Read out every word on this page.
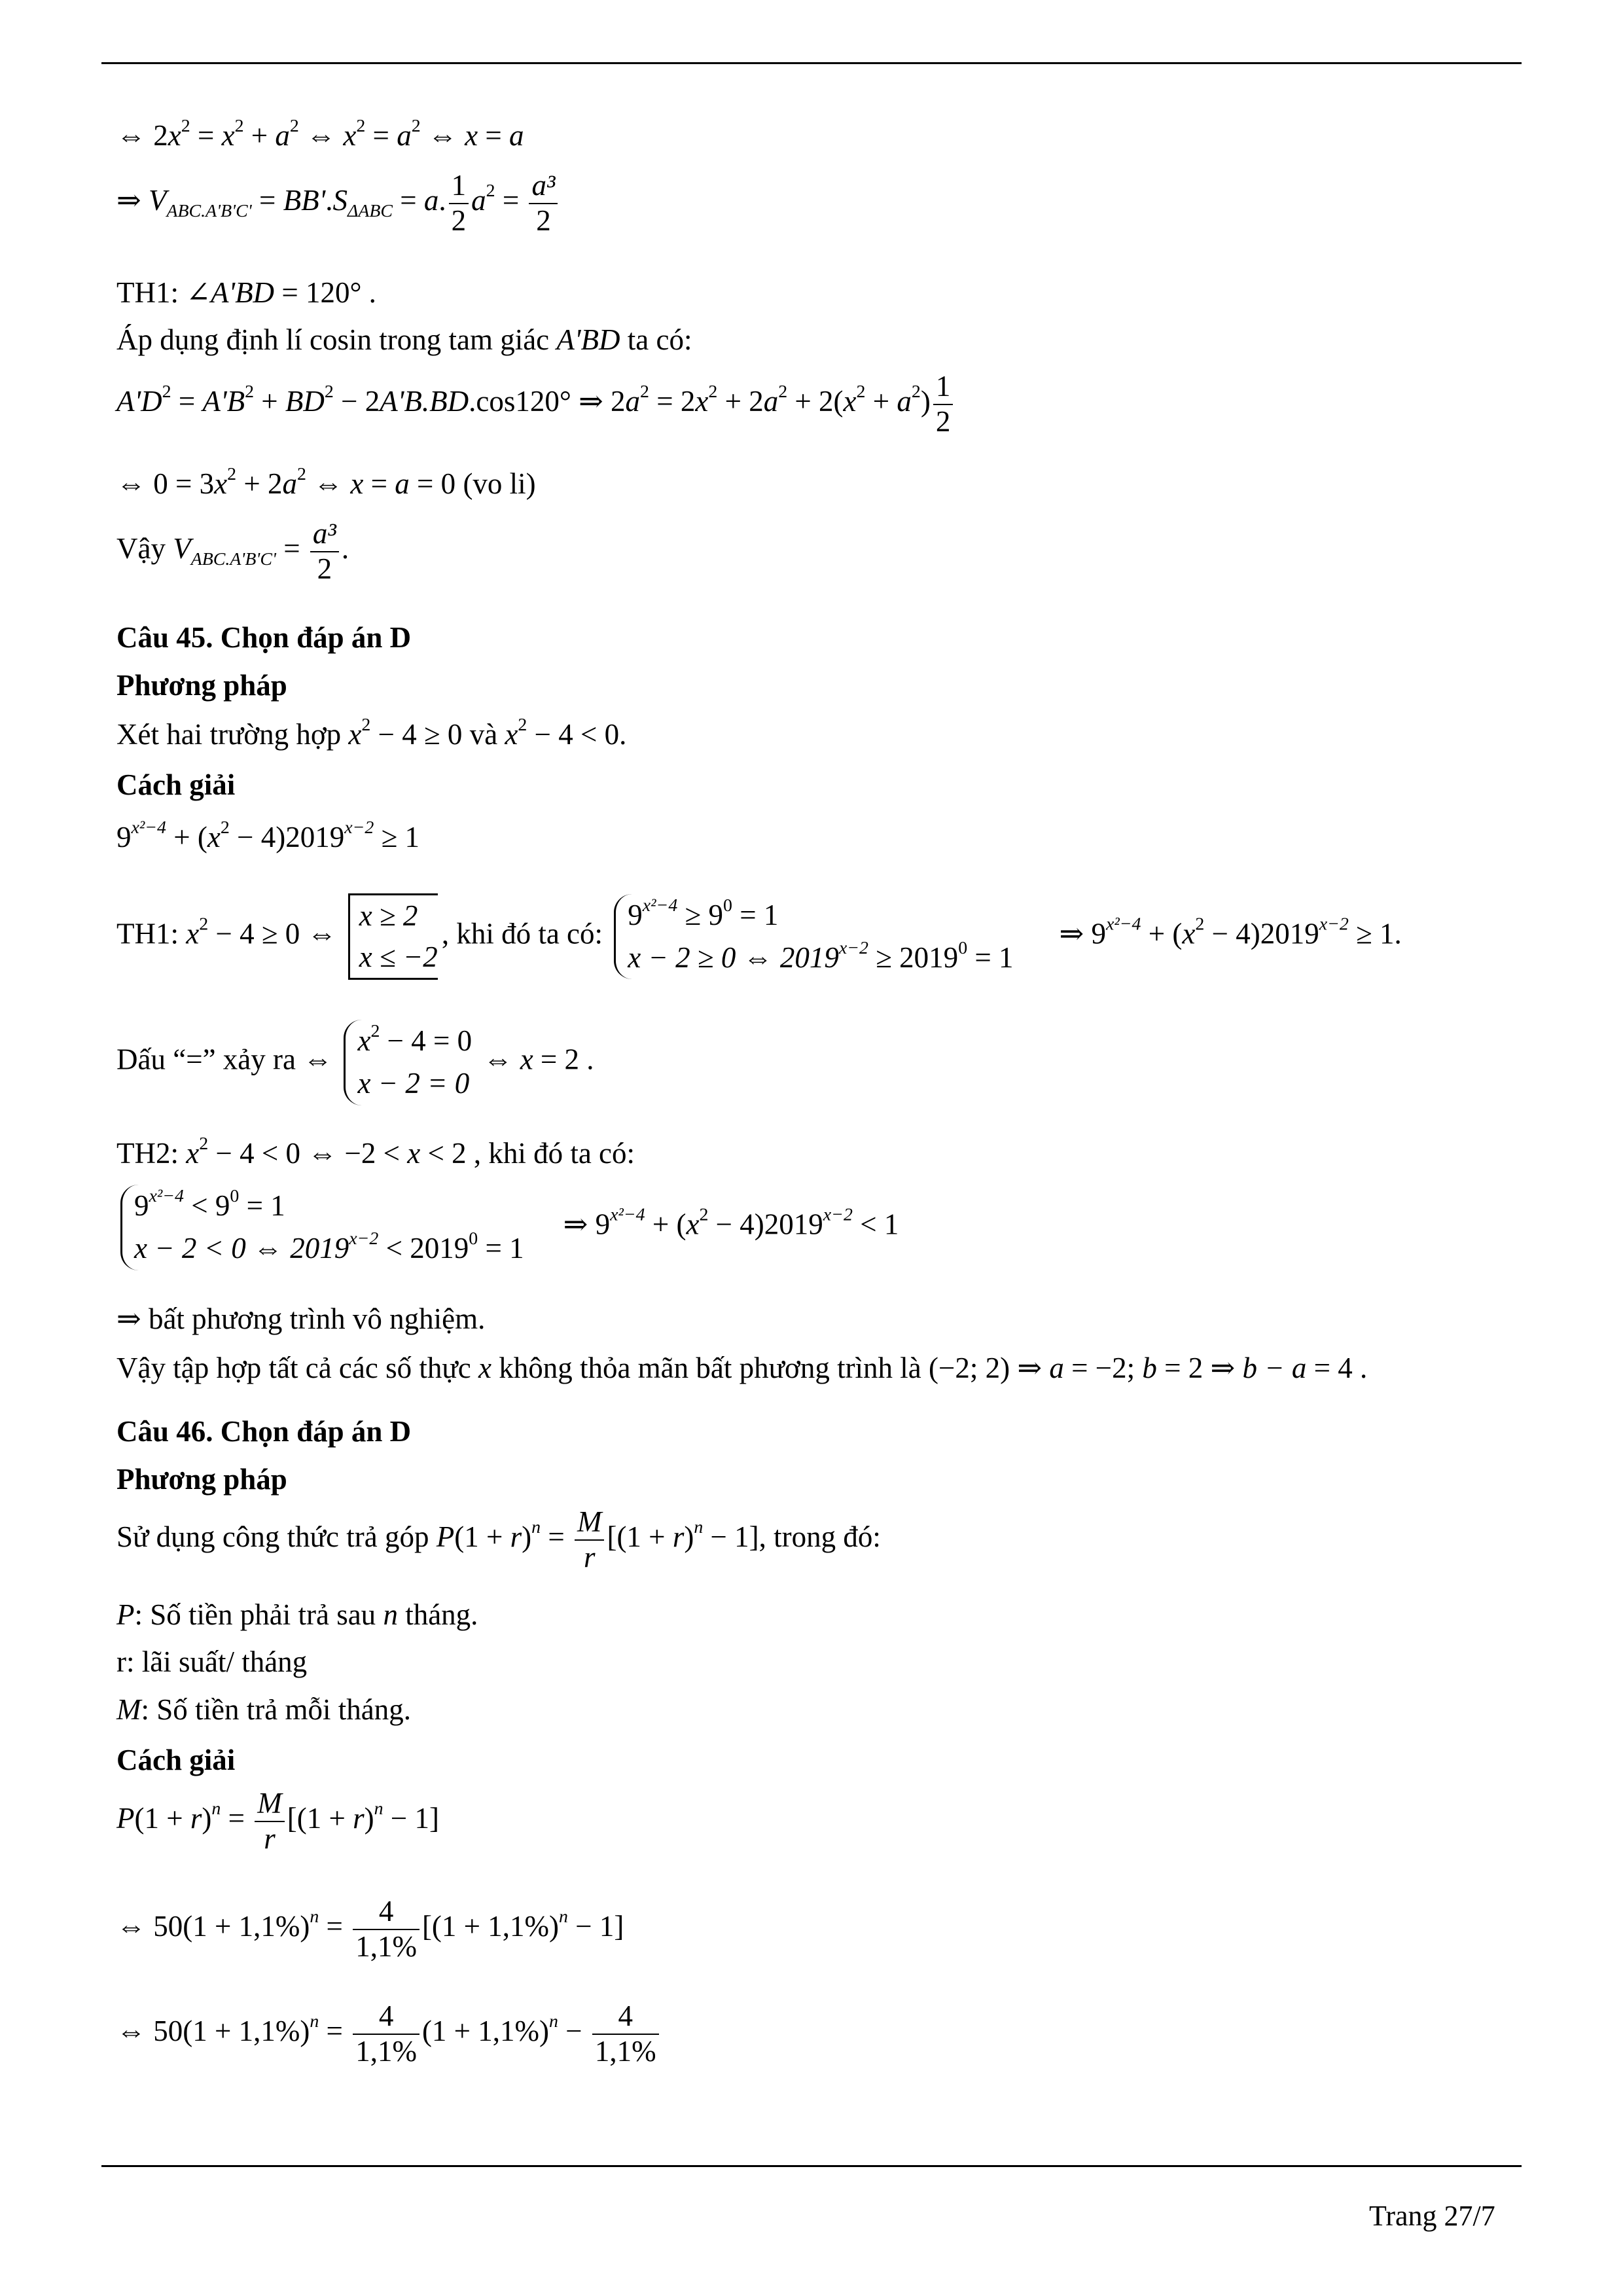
⇔ $2x^2 = x^2 + a^2$ ⇔ $x^2 = a^2$ ⇔ x = a
⇒ $V_{ABC.A'B'C'} = BB'.S_{\Delta ABC} = a$. $\frac{1}{2} a^2 = \frac{\text{a³}}{2}$
TH1: ∠A'BD = 120° .
Áp dụng định lí cosin trong tam giác A'BD ta có:
$A'D^2 = A'B^2 + BD^2 - 2A'B.BD.\cos 120^\circ$ ⇒ $2a^2 = 2x^2 + 2a^2 + 2(x^2 + a^2) \frac{1}{2}$
⇔ $0 = 3x^2 + 2a^2$ ⇔ x = a = 0 (vo li)
Vậy $V_{ABC.A'B'C'} = \frac{\text{a³}}{2}$ .
Câu 45. Chọn đáp án D
Phương pháp
Xét hai trường hợp $x^2 - 4 \ge 0$ và $x^2 - 4 < 0$.
Cách giải
$9^{x^2-4} + (x^2 - 4)2019^{x-2} \ge 1$
TH1: $x^2 - 4 \ge 0$ ⇔
x ≥ 2
x ≤ −2
, khi đó ta có:
$9^{x^2-4} \ge 9^0 = 1$
x − 2 ≥ 0 ⇔ $2019^{x-2} \ge 2019^0 = 1$
⇒ $9^{x^2-4} + (x^2 - 4)2019^{x-2} \ge 1$.
Dấu “=” xảy ra ⇔
$x^2 - 4 = 0$
x − 2 = 0
⇔ x = 2 .
TH2: $x^2 - 4 < 0$ ⇔ −2 < x < 2 , khi đó ta có:
$9^{x^2-4} < 9^0 = 1$
x − 2 < 0 ⇔ $2019^{x-2} < 2019^0 = 1$
⇒ $9^{x^2-4} + (x^2 - 4)2019^{x-2} < 1$
⇒ bất phương trình vô nghiệm.
Vậy tập hợp tất cả các số thực x không thỏa mãn bất phương trình là (−2; 2) ⇒ a = −2; b = 2 ⇒ b − a = 4 .
Câu 46. Chọn đáp án D
Phương pháp
Sử dụng công thức trả góp $P(1 + r)^n = \frac{M}{r} [(1 + r)^n - 1]$, trong đó:
P: Số tiền phải trả sau n tháng.
r: lãi suất/ tháng
M: Số tiền trả mỗi tháng.
Cách giải
$P(1 + r)^n = \frac{M}{r} [(1 + r)^n - 1]$
⇔ $50(1 + 1,1\%)^n = \frac{4}{1,1\%} [(1 + 1,1\%)^n - 1]$
⇔ $50(1 + 1,1\%)^n = \frac{4}{1,1\%} (1 + 1,1\%)^n - \frac{4}{1,1\%}$
Trang 27/7
